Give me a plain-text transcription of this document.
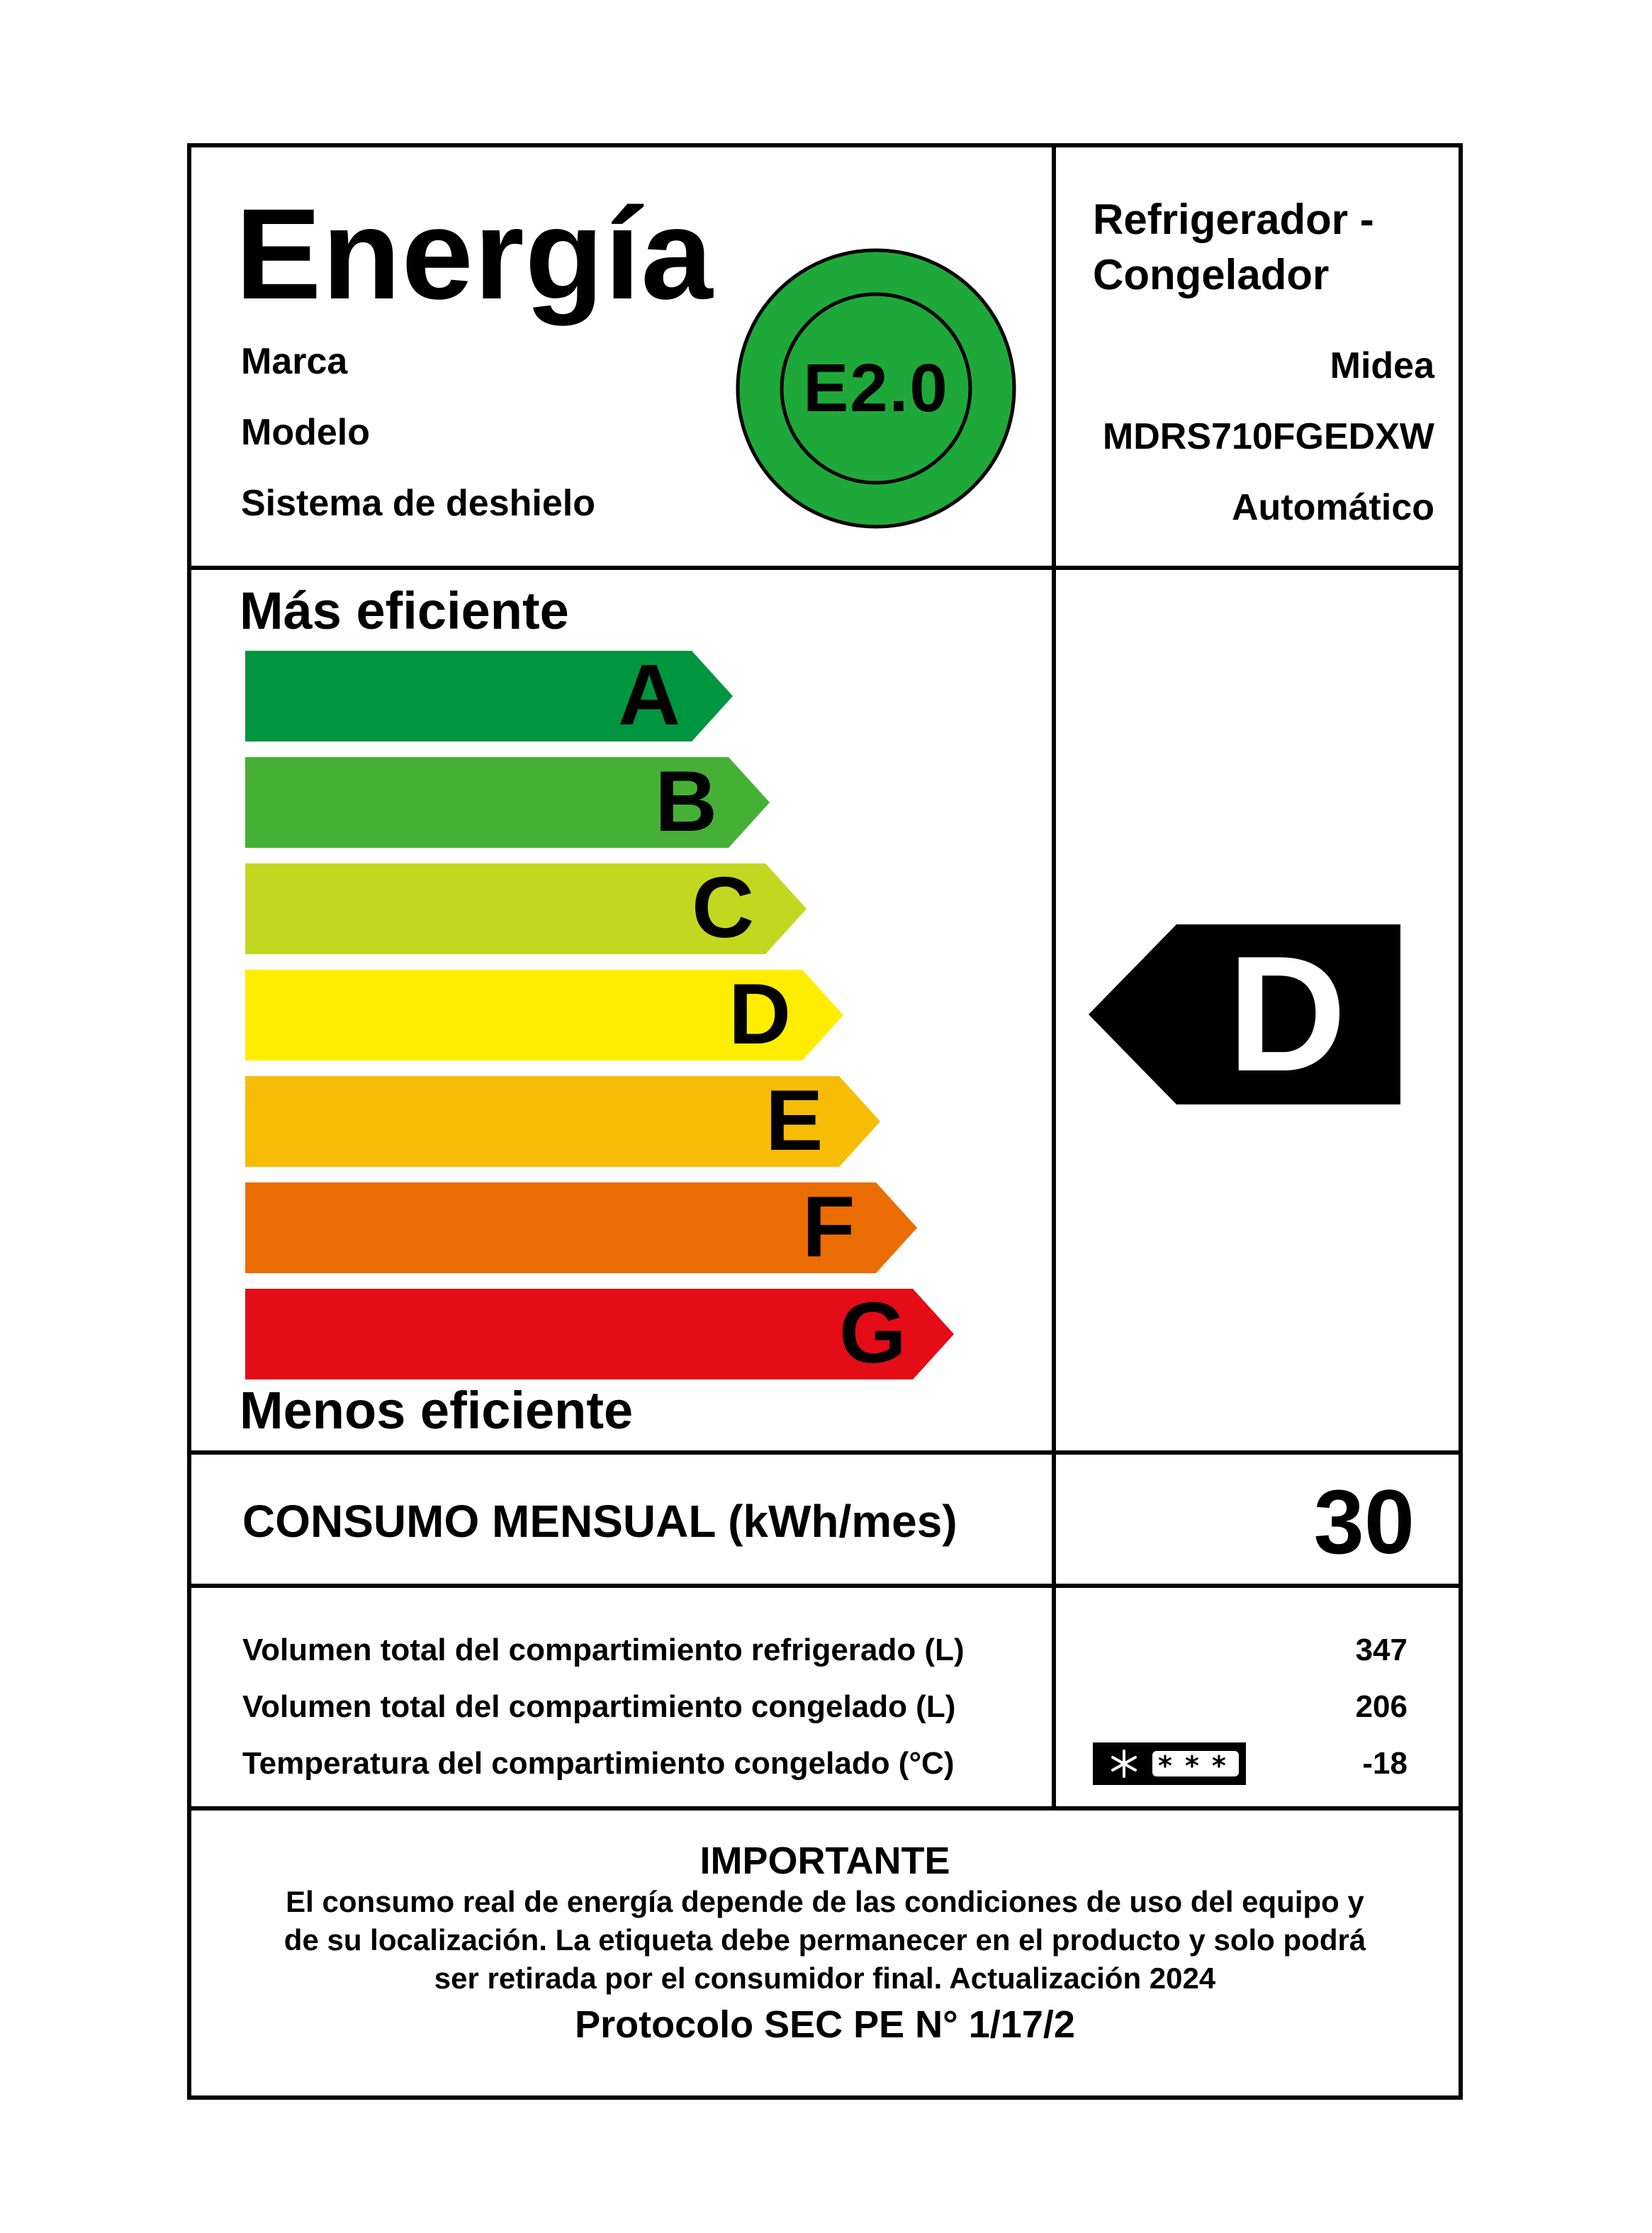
Energía
Marca
Modelo
Sistema de deshielo
E2.0
Refrigerador -
Congelador
Midea
MDRS710FGEDXW
Automático
Más eficiente
A
B
C
D
E
F
G
Menos eficiente
D
CONSUMO MENSUAL (kWh/mes)	30
Volumen total del compartimiento refrigerado (L)
Volumen total del compartimiento congelado (L)
Temperatura del compartimiento congelado (°C)
347
206
-18
* * *
IMPORTANTE
El consumo real de energía depende de las condiciones de uso del equipo y
de su localización. La etiqueta debe permanecer en el producto y solo podrá
ser retirada por el consumidor final. Actualización 2024
Protocolo SEC PE N° 1/17/2
